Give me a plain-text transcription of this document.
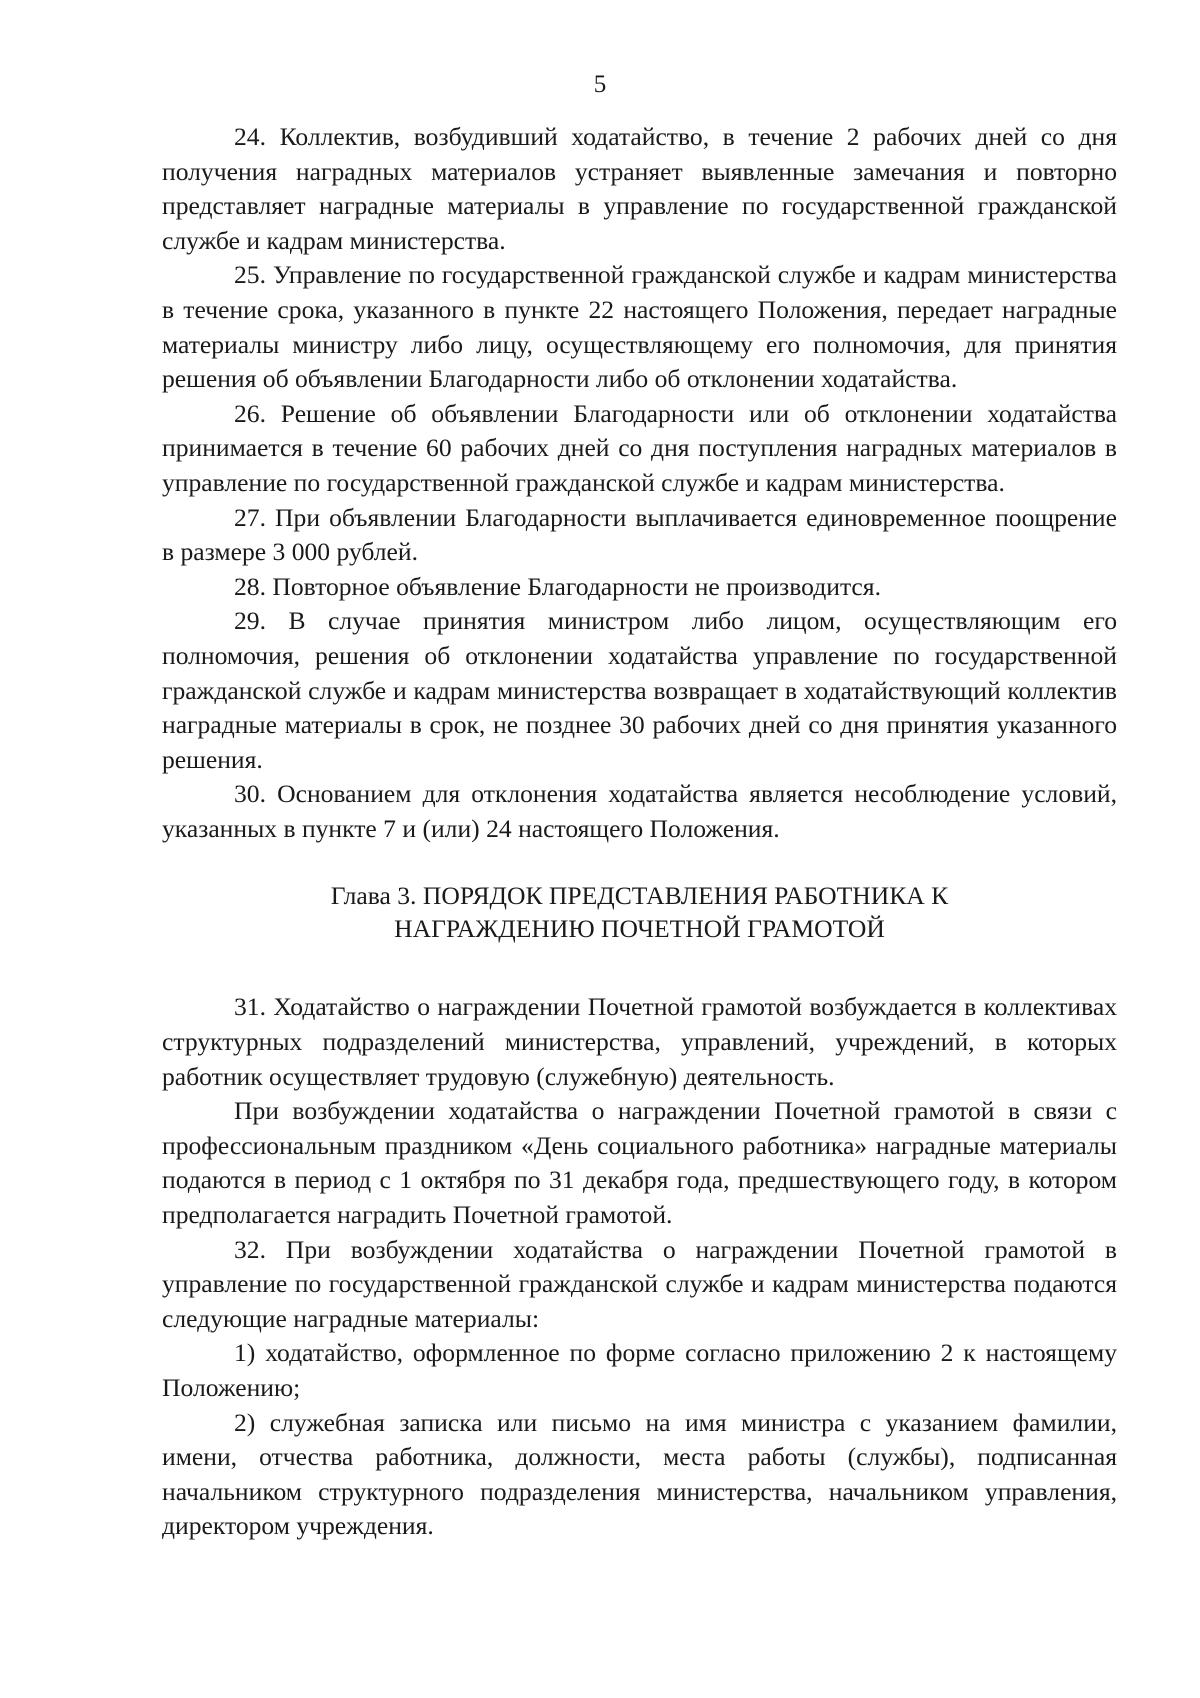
5

24. Коллектив, возбудивший ходатайство, в течение 2 рабочих дней со дня получения наградных материалов устраняет выявленные замечания и повторно представляет наградные материалы в управление по государственной гражданской службе и кадрам министерства.

25. Управление по государственной гражданской службе и кадрам министерства в течение срока, указанного в пункте 22 настоящего Положения, передает наградные материалы министру либо лицу, осуществляющему его полномочия, для принятия решения об объявлении Благодарности либо об отклонении ходатайства.

26. Решение об объявлении Благодарности или об отклонении ходатайства принимается в течение 60 рабочих дней со дня поступления наградных материалов в управление по государственной гражданской службе и кадрам министерства.

27. При объявлении Благодарности выплачивается единовременное поощрение в размере 3 000 рублей.

28. Повторное объявление Благодарности не производится.

29. В случае принятия министром либо лицом, осуществляющим его полномочия, решения об отклонении ходатайства управление по государственной гражданской службе и кадрам министерства возвращает в ходатайствующий коллектив наградные материалы в срок, не позднее 30 рабочих дней со дня принятия указанного решения.

30. Основанием для отклонения ходатайства является несоблюдение условий, указанных в пункте 7 и (или) 24 настоящего Положения.

Глава 3. ПОРЯДОК ПРЕДСТАВЛЕНИЯ РАБОТНИКА К
НАГРАЖДЕНИЮ ПОЧЕТНОЙ ГРАМОТОЙ

31. Ходатайство о награждении Почетной грамотой возбуждается в коллективах структурных подразделений министерства, управлений, учреждений, в которых работник осуществляет трудовую (служебную) деятельность.

При возбуждении ходатайства о награждении Почетной грамотой в связи с профессиональным праздником «День социального работника» наградные материалы подаются в период с 1 октября по 31 декабря года, предшествующего году, в котором предполагается наградить Почетной грамотой.

32. При возбуждении ходатайства о награждении Почетной грамотой в управление по государственной гражданской службе и кадрам министерства подаются следующие наградные материалы:

1) ходатайство, оформленное по форме согласно приложению 2 к настоящему Положению;

2) служебная записка или письмо на имя министра с указанием фамилии, имени, отчества работника, должности, места работы (службы), подписанная начальником структурного подразделения министерства, начальником управления, директором учреждения.
